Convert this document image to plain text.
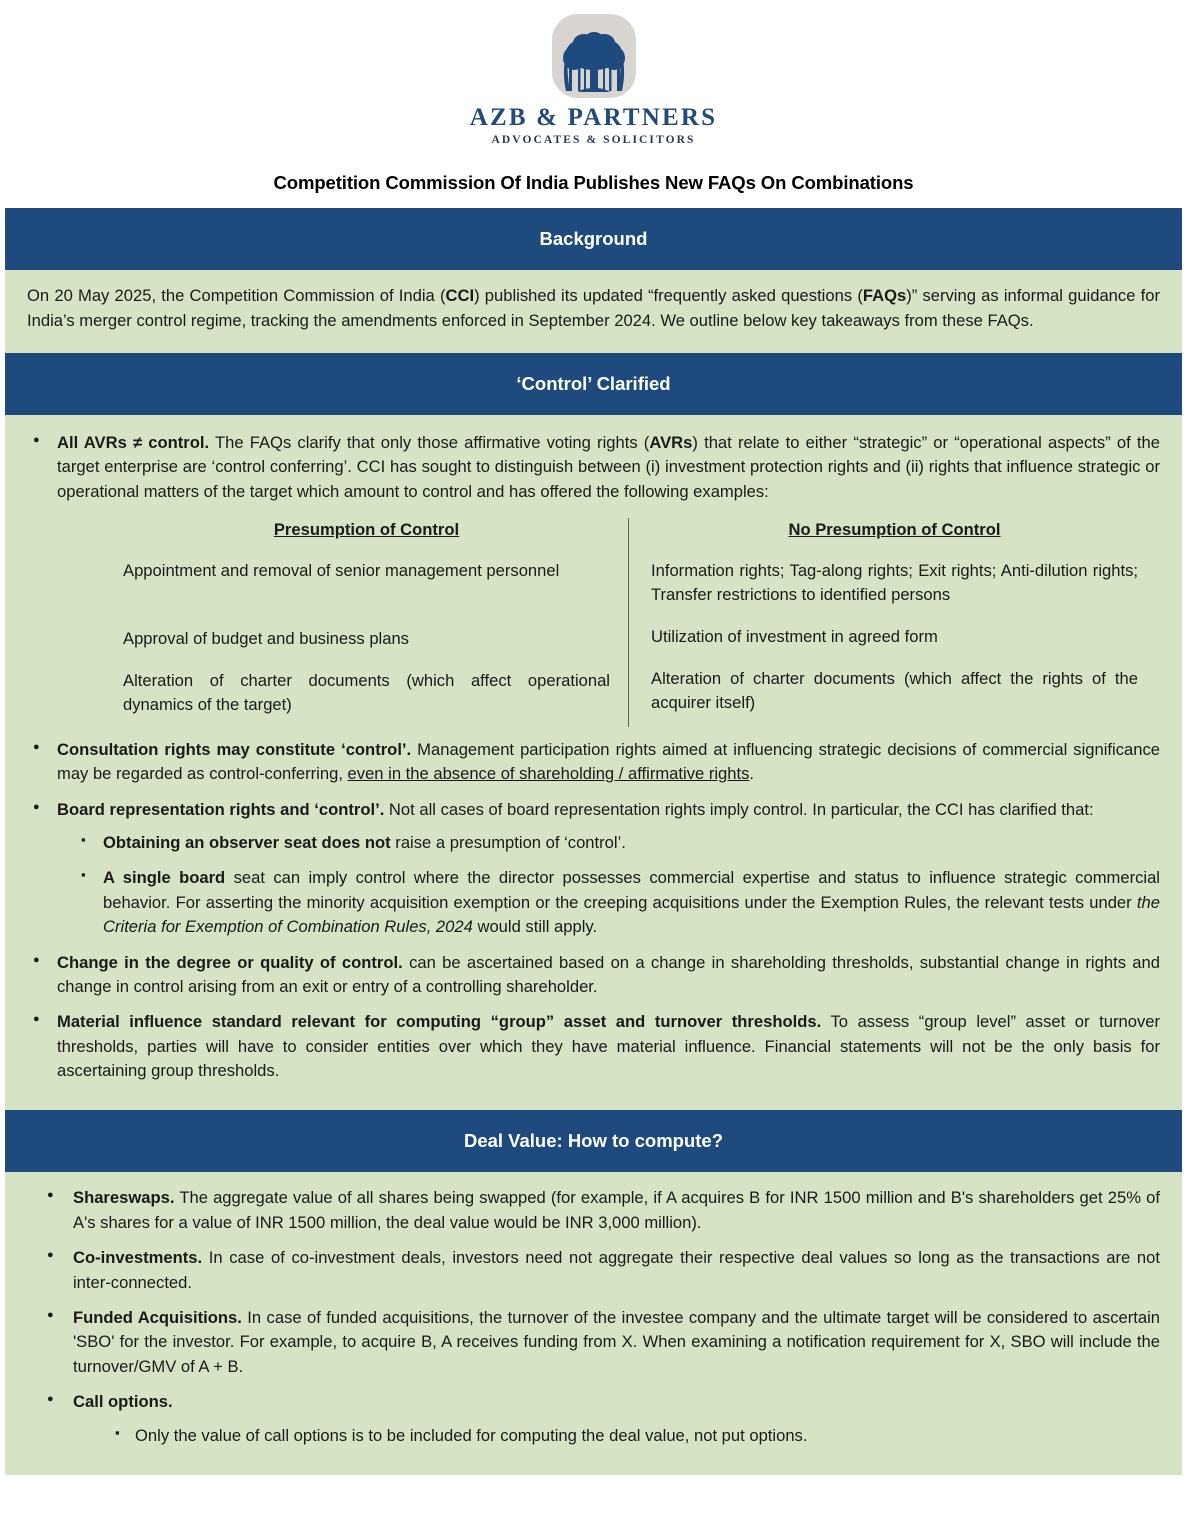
AZB & PARTNERS
ADVOCATES & SOLICITORS
Competition Commission Of India Publishes New FAQs On Combinations
Background

On 20 May 2025, the Competition Commission of India (CCI) published its updated “frequently asked questions (FAQs)” serving as informal guidance for India’s merger control regime, tracking the amendments enforced in September 2024. We outline below key takeaways from these FAQs.

‘Control’ Clarified
● All AVRs ≠ control. The FAQs clarify that only those affirmative voting rights (AVRs) that relate to either “strategic” or “operational aspects” of the target enterprise are ‘control conferring’. CCI has sought to distinguish between (i) investment protection rights and (ii) rights that influence strategic or operational matters of the target which amount to control and has offered the following examples:
Presumption of Control
Appointment and removal of senior management personnel
Approval of budget and business plans
Alteration of charter documents (which affect operational dynamics of the target)
No Presumption of Control
Information rights; Tag-along rights; Exit rights; Anti-dilution rights; Transfer restrictions to identified persons
Utilization of investment in agreed form
Alteration of charter documents (which affect the rights of the acquirer itself)
● Consultation rights may constitute ‘control’. Management participation rights aimed at influencing strategic decisions of commercial significance may be regarded as control-conferring, even in the absence of shareholding / affirmative rights.
● Board representation rights and ‘control’. Not all cases of board representation rights imply control. In particular, the CCI has clarified that:
▪ Obtaining an observer seat does not raise a presumption of ‘control’.
▪ A single board seat can imply control where the director possesses commercial expertise and status to influence strategic commercial behavior. For asserting the minority acquisition exemption or the creeping acquisitions under the Exemption Rules, the relevant tests under the Criteria for Exemption of Combination Rules, 2024 would still apply.
● Change in the degree or quality of control. can be ascertained based on a change in shareholding thresholds, substantial change in rights and change in control arising from an exit or entry of a controlling shareholder.
● Material influence standard relevant for computing “group” asset and turnover thresholds. To assess “group level” asset or turnover thresholds, parties will have to consider entities over which they have material influence. Financial statements will not be the only basis for ascertaining group thresholds.
Deal Value: How to compute?
● Shareswaps. The aggregate value of all shares being swapped (for example, if A acquires B for INR 1500 million and B's shareholders get 25% of A's shares for a value of INR 1500 million, the deal value would be INR 3,000 million).
● Co-investments. In case of co-investment deals, investors need not aggregate their respective deal values so long as the transactions are not inter-connected.
● Funded Acquisitions. In case of funded acquisitions, the turnover of the investee company and the ultimate target will be considered to ascertain 'SBO' for the investor. For example, to acquire B, A receives funding from X. When examining a notification requirement for X, SBO will include the turnover/GMV of A + B.
● Call options.
▪ Only the value of call options is to be included for computing the deal value, not put options.
